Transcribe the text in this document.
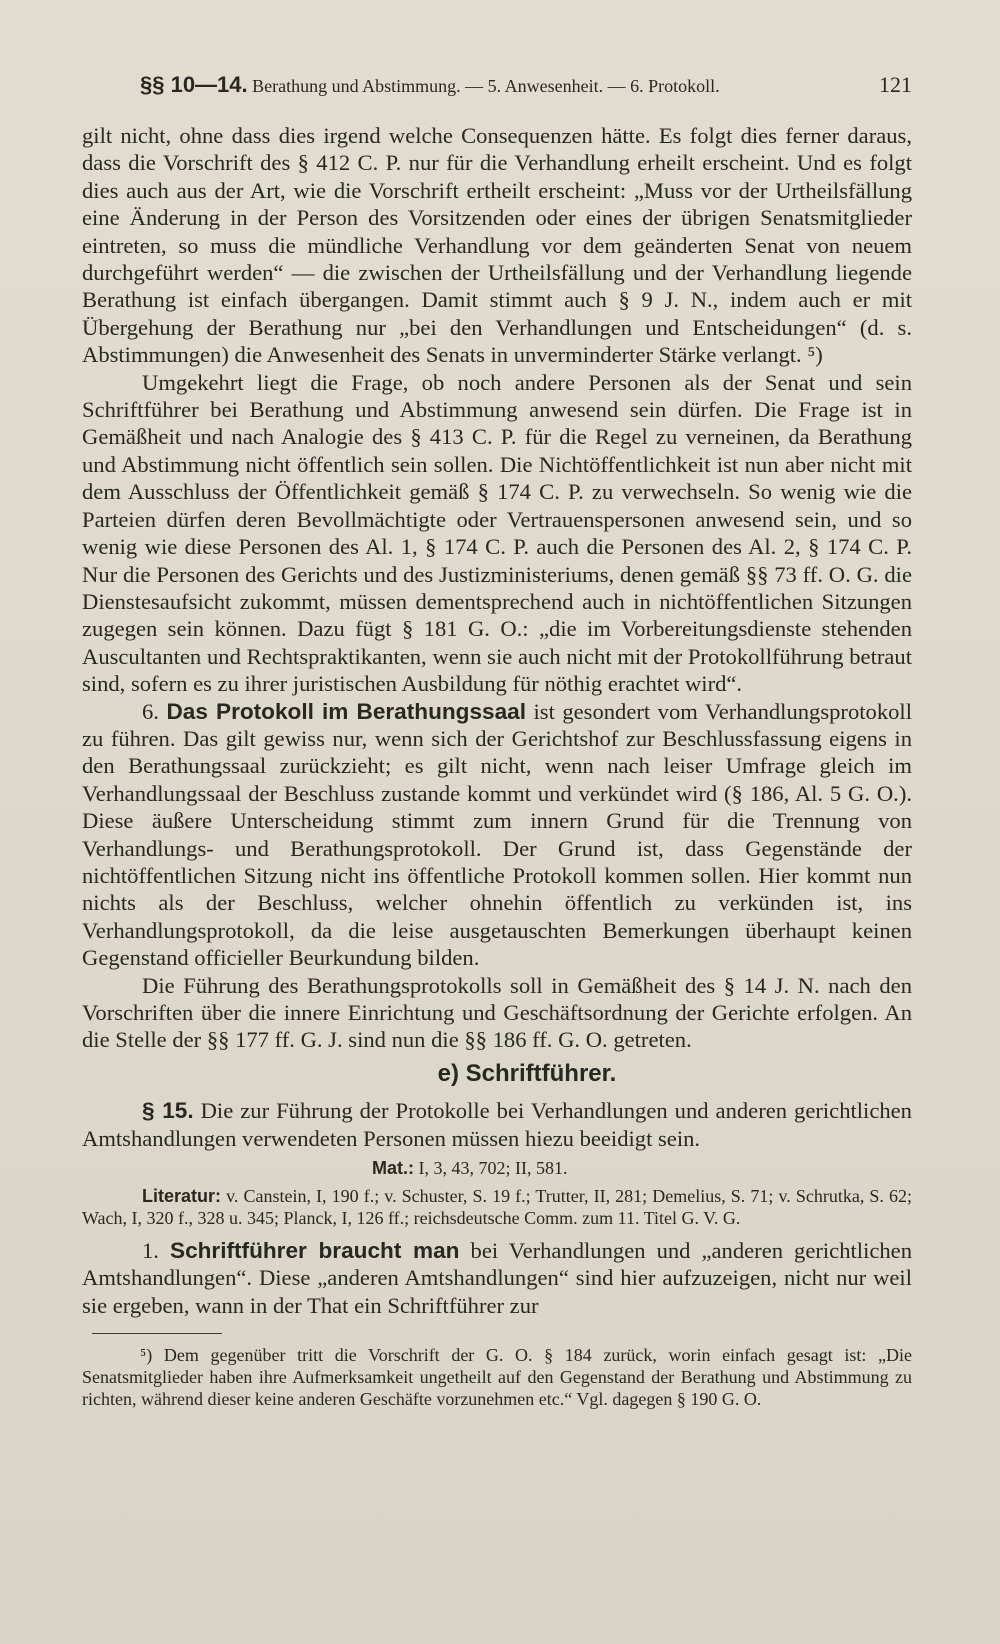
§§ 10—14. Berathung und Abstimmung. — 5. Anwesenheit. — 6. Protokoll.	121

gilt nicht, ohne dass dies irgend welche Consequenzen hätte. Es folgt dies ferner daraus, dass die Vorschrift des § 412 C. P. nur für die Verhandlung erheilt erscheint. Und es folgt dies auch aus der Art, wie die Vorschrift ertheilt erscheint: „Muss vor der Urtheilsfällung eine Änderung in der Person des Vorsitzenden oder eines der übrigen Senatsmitglieder eintreten, so muss die mündliche Verhandlung vor dem geänderten Senat von neuem durchgeführt werden“ — die zwischen der Urtheilsfällung und der Verhandlung liegende Berathung ist einfach übergangen. Damit stimmt auch § 9 J. N., indem auch er mit Übergehung der Berathung nur „bei den Verhandlungen und Entscheidungen“ (d. s. Abstimmungen) die Anwesenheit des Senats in unverminderter Stärke verlangt. ⁵)

Umgekehrt liegt die Frage, ob noch andere Personen als der Senat und sein Schriftführer bei Berathung und Abstimmung anwesend sein dürfen. Die Frage ist in Gemäßheit und nach Analogie des § 413 C. P. für die Regel zu verneinen, da Berathung und Abstimmung nicht öffentlich sein sollen. Die Nichtöffentlichkeit ist nun aber nicht mit dem Ausschluss der Öffentlichkeit gemäß § 174 C. P. zu verwechseln. So wenig wie die Parteien dürfen deren Bevollmächtigte oder Vertrauenspersonen anwesend sein, und so wenig wie diese Personen des Al. 1, § 174 C. P. auch die Personen des Al. 2, § 174 C. P. Nur die Personen des Gerichts und des Justizministeriums, denen gemäß §§ 73 ff. O. G. die Dienstesaufsicht zukommt, müssen dementsprechend auch in nichtöffentlichen Sitzungen zugegen sein können. Dazu fügt § 181 G. O.: „die im Vorbereitungsdienste stehenden Auscultanten und Rechtspraktikanten, wenn sie auch nicht mit der Protokollführung betraut sind, sofern es zu ihrer juristischen Ausbildung für nöthig erachtet wird“.

6. Das Protokoll im Berathungssaal ist gesondert vom Verhandlungsprotokoll zu führen. Das gilt gewiss nur, wenn sich der Gerichtshof zur Beschlussfassung eigens in den Berathungssaal zurückzieht; es gilt nicht, wenn nach leiser Umfrage gleich im Verhandlungssaal der Beschluss zustande kommt und verkündet wird (§ 186, Al. 5 G. O.). Diese äußere Unterscheidung stimmt zum innern Grund für die Trennung von Verhandlungs- und Berathungsprotokoll. Der Grund ist, dass Gegenstände der nichtöffentlichen Sitzung nicht ins öffentliche Protokoll kommen sollen. Hier kommt nun nichts als der Beschluss, welcher ohnehin öffentlich zu verkünden ist, ins Verhandlungsprotokoll, da die leise ausgetauschten Bemerkungen überhaupt keinen Gegenstand officieller Beurkundung bilden.

Die Führung des Berathungsprotokolls soll in Gemäßheit des § 14 J. N. nach den Vorschriften über die innere Einrichtung und Geschäftsordnung der Gerichte erfolgen. An die Stelle der §§ 177 ff. G. J. sind nun die §§ 186 ff. G. O. getreten.

e) Schriftführer.

§ 15. Die zur Führung der Protokolle bei Verhandlungen und anderen gerichtlichen Amtshandlungen verwendeten Personen müssen hiezu beeidigt sein.

Mat.: I, 3, 43, 702; II, 581.
Literatur: v. Canstein, I, 190 f.; v. Schuster, S. 19 f.; Trutter, II, 281; Demelius, S. 71; v. Schrutka, S. 62; Wach, I, 320 f., 328 u. 345; Planck, I, 126 ff.; reichsdeutsche Comm. zum 11. Titel G. V. G.

1. Schriftführer braucht man bei Verhandlungen und „anderen gerichtlichen Amtshandlungen“. Diese „anderen Amtshandlungen“ sind hier aufzuzeigen, nicht nur weil sie ergeben, wann in der That ein Schriftführer zur

⁵) Dem gegenüber tritt die Vorschrift der G. O. § 184 zurück, worin einfach gesagt ist: „Die Senatsmitglieder haben ihre Aufmerksamkeit ungetheilt auf den Gegenstand der Berathung und Abstimmung zu richten, während dieser keine anderen Geschäfte vorzunehmen etc.“ Vgl. dagegen § 190 G. O.
